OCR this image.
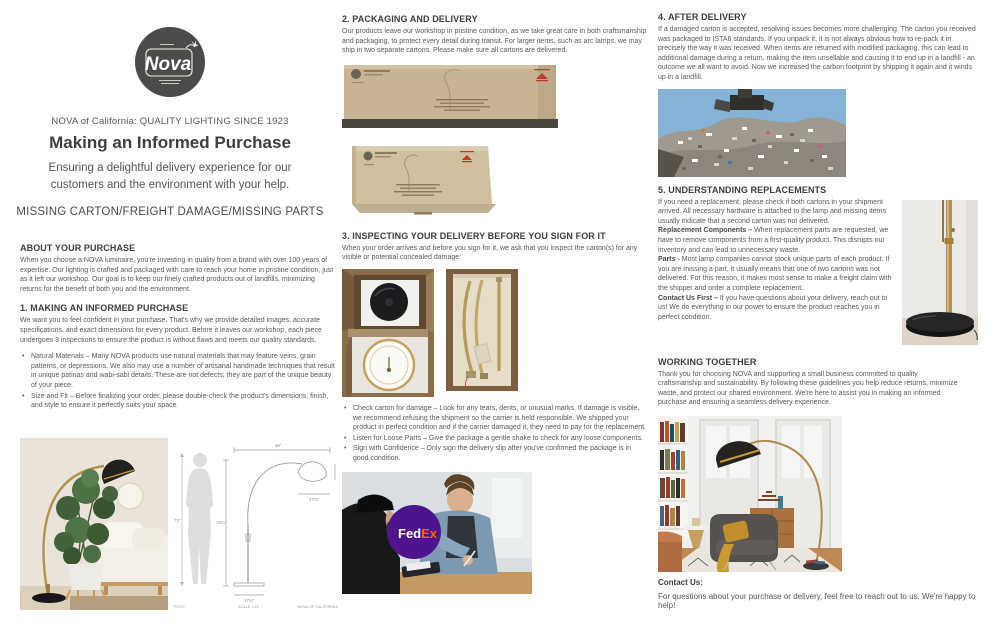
Nova
NOVA of California: QUALITY LIGHTING SINCE 1923
Making an Informed Purchase
Ensuring a delightful delivery experience for our customers and the environment with your help.
MISSING CARTON/FREIGHT DAMAGE/MISSING PARTS
ABOUT YOUR PURCHASE

When you choose a NOVA luminaire, you're investing in quality from a brand with over 100 years of expertise. Our lighting is crafted and packaged with care to reach your home in pristine condition, just as it left our workshop. Our goal is to keep our finely crafted products out of landfills, minimizing returns for the benefit of both you and the environment.

1. MAKING AN INFORMED PURCHASE

We want you to feel confident in your purchase. That's why we provide detailed images, accurate specifications, and exact dimensions for every product. Before it leaves our workshop, each piece undergoes 3 inspections to ensure the product is without flaws and meets our quality standards.

• Natural Materials – Many NOVA products use natural materials that may feature veins, grain patterns, or depressions. We also may use a number of artisanal handmade techniques that result in unique patinas and wabi-sabi details. These are not defects; they are part of the unique beauty of your piece.
• Size and Fit – Before finalizing your order, please double-check the product's dimensions, finish, and style to ensure it perfectly suits your space.
72"
48"
72¼"
17¾"
17¼"
P1007	SCALE 1:20	NOVA OF CALIFORNIA
2. PACKAGING AND DELIVERY

Our products leave our workshop in pristine condition, as we take great care in both craftsmanship and packaging, to protect every detail during transit. For larger items, such as arc lamps, we may ship in two separate cartons. Please make sure all cartons are delivered.

3. INSPECTING YOUR DELIVERY BEFORE YOU SIGN FOR IT

When your order arrives and before you sign for it, we ask that you inspect the carton(s) for any visible or potential concealed damage:

• Check carton for damage – Look for any tears, dents, or unusual marks. If damage is visible, we recommend refusing the shipment so the carrier is held responsible. We shipped your product in perfect condition and if the carrier damaged it, they need to pay for the replacement.
• Listen for Loose Parts – Give the package a gentle shake to check for any loose components.
• Sign with Confidence – Only sign the delivery slip after you've confirmed the package is in good condition.
FedEx
4. AFTER DELIVERY

If a damaged carton is accepted, resolving issues becomes more challenging. The carton you received was packaged to ISTA6 standards. If you unpack it, it is not always obvious how to re-pack it in precisely the way it was received. When items are returned with modified packaging, this can lead to additional damage during a return, making the item unsellable and causing it to end up in a landfill - an outcome we all want to avoid. Now we increased the carbon footprint by shipping it again and it winds up in a landfill.

5. UNDERSTANDING REPLACEMENTS

If you need a replacement, please check if both cartons in your shipment arrived. All necessary hardware is attached to the lamp and missing items usually indicate that a second carton was not delivered.

Replacement Components – When replacement parts are requested, we have to remove components from a first-quality product. This disrupts our inventory and can lead to unnecessary waste.

Parts - Most lamp companies cannot stock unique parts of each product. If you are missing a part, it usually means that one of two cartons was not delivered. For this reason, it makes most sense to make a freight claim with the shipper and order a complete replacement.

Contact Us First – If you have questions about your delivery, reach out to us! We do everything in our power to ensure the product reaches you in perfect condition.

WORKING TOGETHER

Thank you for choosing NOVA and supporting a small business committed to quality craftsmanship and sustainability. By following these guidelines you help reduce returns, minimize waste, and protect our shared environment. We're here to assist you in making an informed purchase and ensuring a seamless delivery experience.

Contact Us:

For questions about your purchase or delivery, feel free to reach out to us. We're happy to help!
